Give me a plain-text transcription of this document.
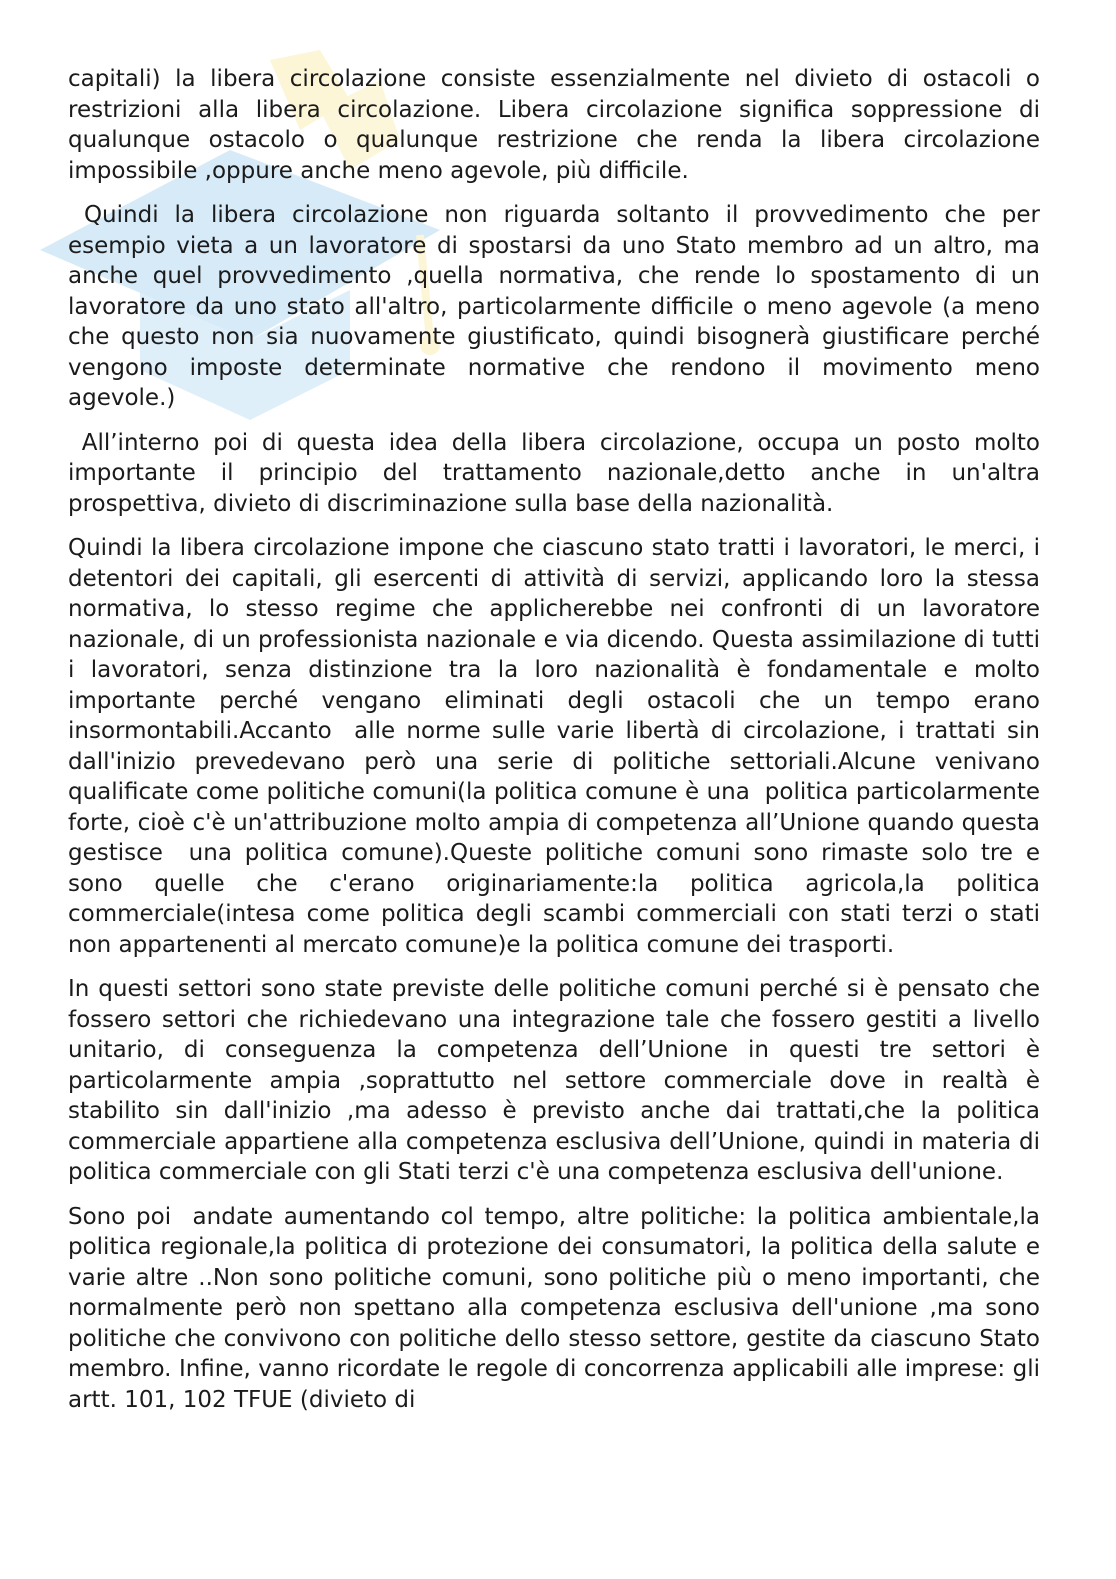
capitali) la libera circolazione consiste essenzialmente nel divieto di ostacoli o restrizioni alla libera circolazione. Libera circolazione significa soppressione di qualunque ostacolo o qualunque restrizione che renda la libera circolazione impossibile ,oppure anche meno agevole, più difficile.

Quindi la libera circolazione non riguarda soltanto il provvedimento che per esempio vieta a un lavoratore di spostarsi da uno Stato membro ad un altro, ma anche quel provvedimento ,quella normativa, che rende lo spostamento di un lavoratore da uno stato all'altro, particolarmente difficile o meno agevole (a meno che questo non sia nuovamente giustificato, quindi bisognerà giustificare perché vengono imposte determinate normative che rendono il movimento meno  agevole.)

All’interno poi di questa idea della libera circolazione, occupa un posto molto importante il principio del trattamento nazionale,detto anche in un'altra prospettiva, divieto di discriminazione sulla base della nazionalità.

Quindi la libera circolazione impone che ciascuno stato tratti i lavoratori, le merci, i detentori dei capitali, gli esercenti di attività di servizi, applicando loro la stessa normativa, lo stesso regime che applicherebbe nei confronti di un lavoratore nazionale, di un professionista nazionale e via dicendo. Questa assimilazione di tutti i lavoratori, senza distinzione tra la loro nazionalità è fondamentale e molto importante perché vengano eliminati degli ostacoli che un tempo erano insormontabili.Accanto  alle norme sulle varie libertà di circolazione, i trattati sin dall'inizio prevedevano però una serie di politiche settoriali.Alcune venivano qualificate come politiche comuni(la politica comune è una  politica particolarmente forte, cioè c'è un'attribuzione molto ampia di competenza all’Unione quando questa gestisce  una politica comune).Queste politiche comuni sono rimaste solo tre e sono quelle che c'erano originariamente:la politica agricola,la politica commerciale(intesa come politica degli scambi commerciali con stati terzi o stati non appartenenti al mercato comune)e la politica comune dei trasporti.

In questi settori sono state previste delle politiche comuni perché si è pensato che fossero settori che richiedevano una integrazione tale che fossero gestiti a livello unitario, di conseguenza la competenza dell’Unione in questi tre settori è particolarmente ampia ,soprattutto nel settore commerciale dove in realtà è stabilito sin dall'inizio ,ma adesso è previsto anche dai trattati,che la politica commerciale appartiene alla competenza esclusiva dell’Unione, quindi in materia di politica commerciale con gli Stati terzi c'è una competenza esclusiva dell'unione.

Sono poi  andate aumentando col tempo, altre politiche: la politica ambientale,la politica regionale,la politica di protezione dei consumatori, la politica della salute e varie altre ..Non sono politiche comuni, sono politiche più o meno importanti, che normalmente però non spettano alla competenza esclusiva dell'unione ,ma sono politiche che convivono con politiche dello stesso settore, gestite da ciascuno Stato membro. Infine, vanno ricordate le regole di concorrenza applicabili alle imprese: gli artt. 101, 102 TFUE (divieto di
